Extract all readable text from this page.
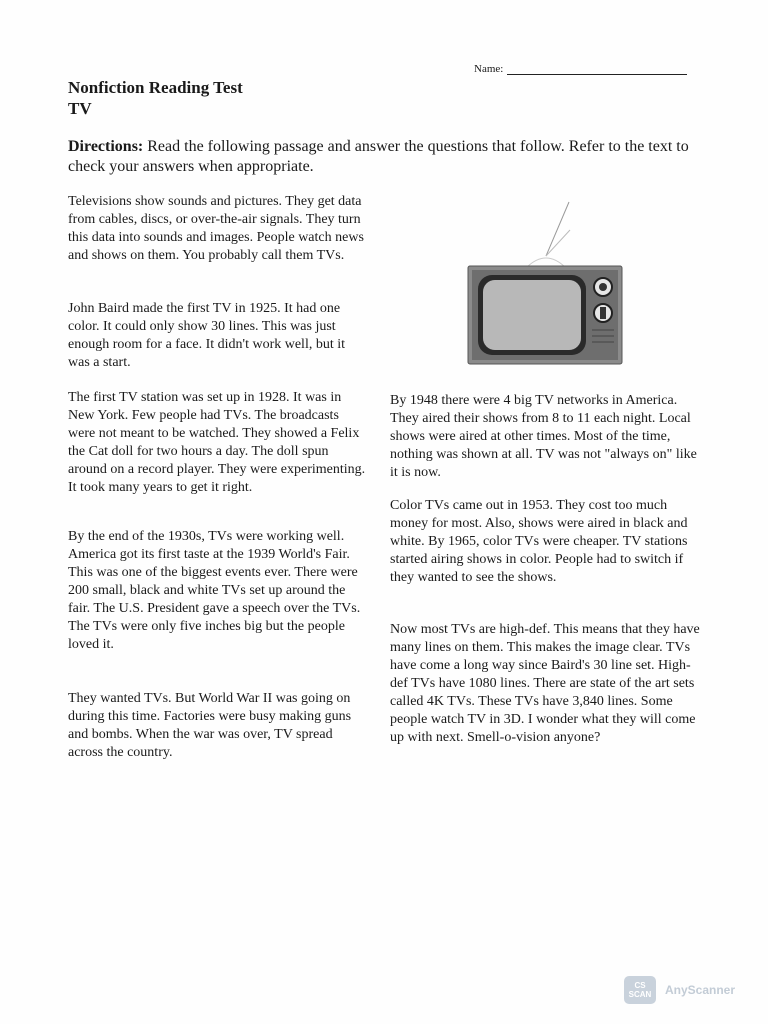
Name:
Nonfiction Reading Test
TV
Directions: Read the following passage and answer the questions that follow. Refer to the text to check your answers when appropriate.

Televisions show sounds and pictures. They get data from cables, discs, or over-the-air signals. They turn this data into sounds and images. People watch news and shows on them. You probably call them TVs.

John Baird made the first TV in 1925. It had one color. It could only show 30 lines. This was just enough room for a face. It didn't work well, but it was a start.

The first TV station was set up in 1928. It was in New York. Few people had TVs. The broadcasts were not meant to be watched. They showed a Felix the Cat doll for two hours a day. The doll spun around on a record player. They were experimenting. It took many years to get it right.

By the end of the 1930s, TVs were working well. America got its first taste at the 1939 World's Fair. This was one of the biggest events ever. There were 200 small, black and white TVs set up around the fair. The U.S. President gave a speech over the TVs. The TVs were only five inches big but the people loved it.

They wanted TVs. But World War II was going on during this time. Factories were busy making guns and bombs. When the war was over, TV spread across the country.

By 1948 there were 4 big TV networks in America. They aired their shows from 8 to 11 each night. Local shows were aired at other times. Most of the time, nothing was shown at all. TV was not "always on" like it is now.

Color TVs came out in 1953. They cost too much money for most. Also, shows were aired in black and white. By 1965, color TVs were cheaper. TV stations started airing shows in color. People had to switch if they wanted to see the shows.

Now most TVs are high-def. This means that they have many lines on them. This makes the image clear. TVs have come a long way since Baird's 30 line set. High-def TVs have 1080 lines. There are state of the art sets called 4K TVs. These TVs have 3,840 lines. Some people watch TV in 3D. I wonder what they will come up with next. Smell-o-vision anyone?

CS
SCAN AnyScanner
